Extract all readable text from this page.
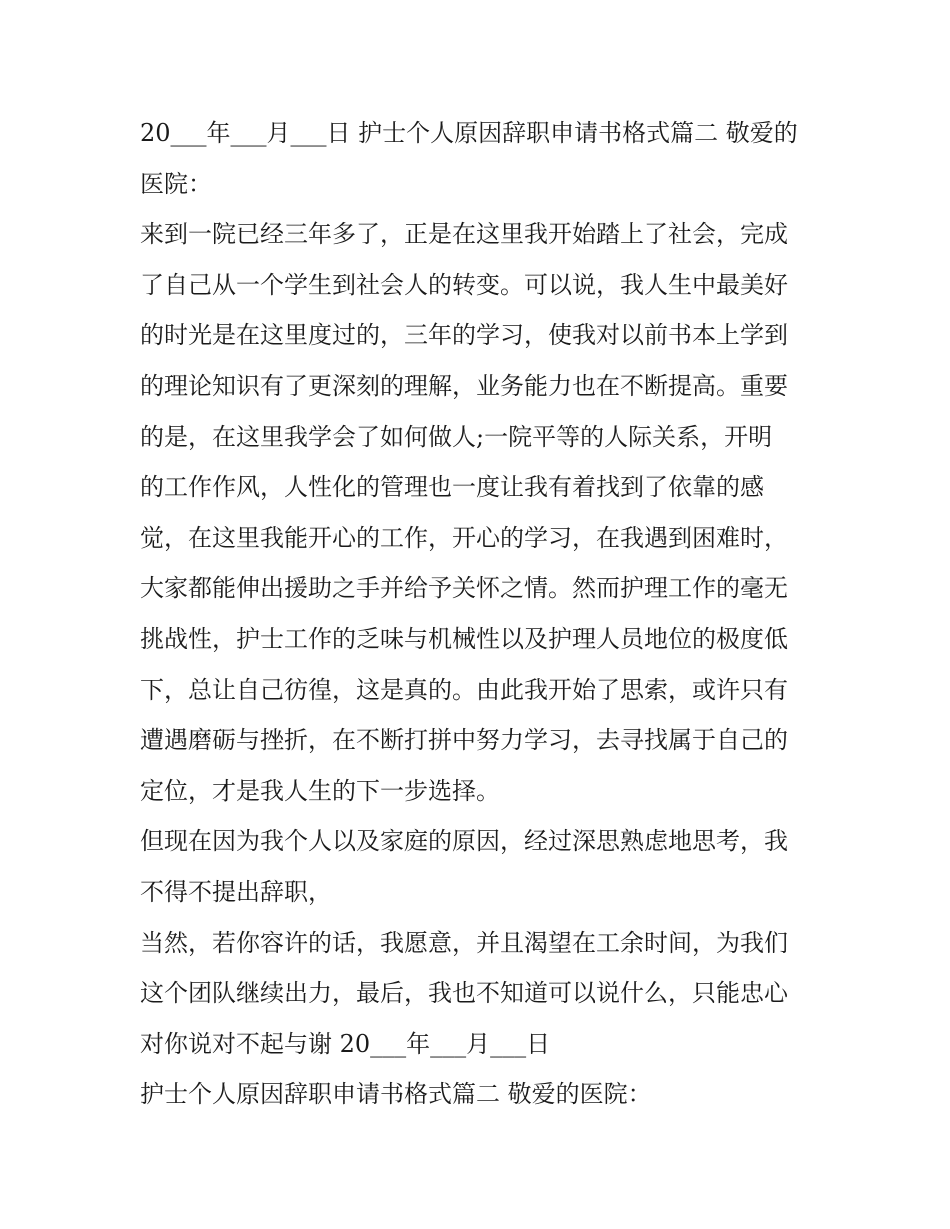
20___年___月___日 护士个人原因辞职申请书格式篇二 敬爱的
医院：
来到一院已经三年多了，正是在这里我开始踏上了社会，完成
了自己从一个学生到社会人的转变。可以说，我人生中最美好
的时光是在这里度过的，三年的学习，使我对以前书本上学到
的理论知识有了更深刻的理解，业务能力也在不断提高。重要
的是，在这里我学会了如何做人;一院平等的人际关系，开明
的工作作风，人性化的管理也一度让我有着找到了依靠的感
觉，在这里我能开心的工作，开心的学习，在我遇到困难时，
大家都能伸出援助之手并给予关怀之情。然而护理工作的毫无
挑战性，护士工作的乏味与机械性以及护理人员地位的极度低
下，总让自己彷徨，这是真的。由此我开始了思索，或许只有
遭遇磨砺与挫折，在不断打拼中努力学习，去寻找属于自己的
定位，才是我人生的下一步选择。
但现在因为我个人以及家庭的原因，经过深思熟虑地思考，我
不得不提出辞职，
当然，若你容许的话，我愿意，并且渴望在工余时间，为我们
这个团队继续出力，最后，我也不知道可以说什么，只能忠心
对你说对不起与谢 20___年___月___日
护士个人原因辞职申请书格式篇二 敬爱的医院：
